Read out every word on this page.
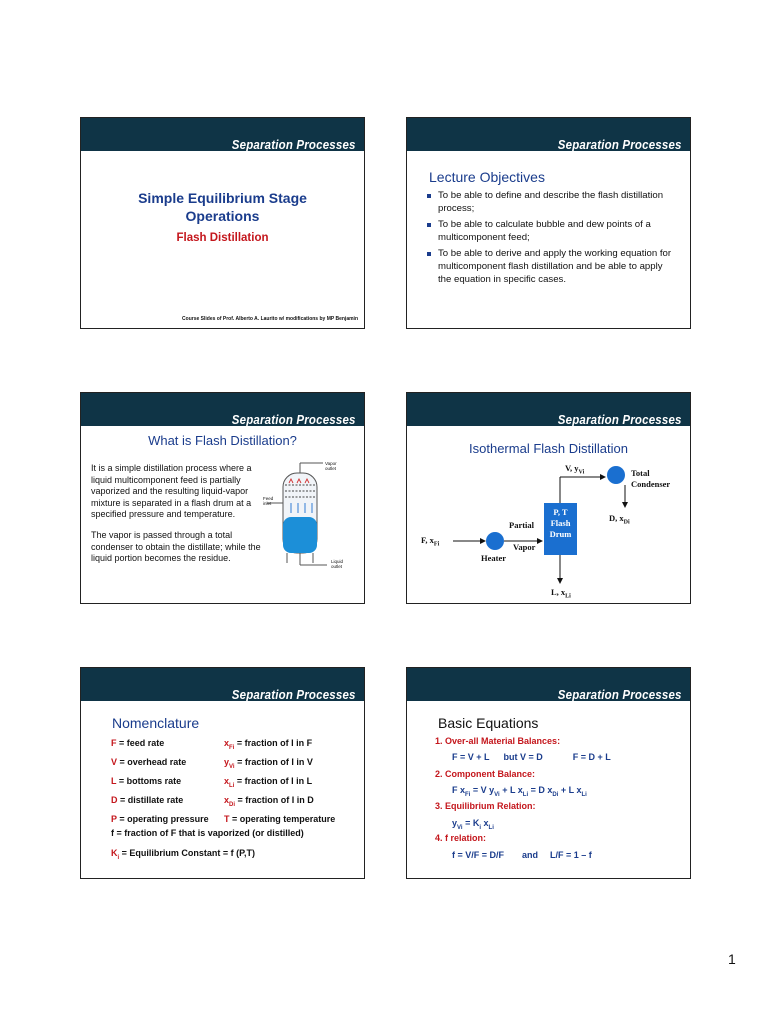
Separation Processes
Simple Equilibrium Stage
Operations
Flash Distillation
Course Slides of Prof. Alberto A. Laurito w/ modifications by MP Benjamin
Separation Processes
Lecture Objectives
To be able to define and describe the flash distillation process;
To be able to calculate bubble and dew points of a multicomponent feed;
To be able to derive and apply the working equation for multicomponent flash distillation and be able to apply the equation in specific cases.
Separation Processes
What is Flash Distillation?
It is a simple distillation process where a liquid multicomponent feed is partially vaporized and the resulting liquid-vapor mixture is separated in a flash drum at a specified pressure and temperature.
The vapor is passed through a total condenser to obtain the distillate; while the liquid portion becomes the residue.
Vapor outlet
Feed inlet
Liquid outlet
Separation Processes
Isothermal Flash Distillation
V, $y_{Vi}$	Total
Condenser
D, $x_{Di}$
P, T
Flash
Drum
F, $x_{Fi}$
Partial
Vapor
Heater
L, $x_{Li}$
Separation Processes
Nomenclature
F = feed rate	$x_{Fi}$ = fraction of I in F
V = overhead rate	$y_{Vi}$ = fraction of I in V
L = bottoms rate	$x_{Li}$ = fraction of I in L
D = distillate rate	$x_{Di}$ = fraction of I in D
P = operating pressure T = operating temperature
f = fraction of F that is vaporized (or distilled)
$K_i$ = Equilibrium Constant = f (P,T)
Separation Processes
Basic Equations
1. Over-all Material Balances:
F = V + L but V = D	F = D + L
2. Component Balance:
F $x_{Fi} = V$ $y_{Vi} + L$ $x_{Li} = D$ $x_{Di} + L$ $x_{Li}$
3. Equilibrium Relation:
$y_{Vi} = K_i$ $x_{Li}$
4. f relation:
f = V/F = D/F and L/F = 1 – f
1
